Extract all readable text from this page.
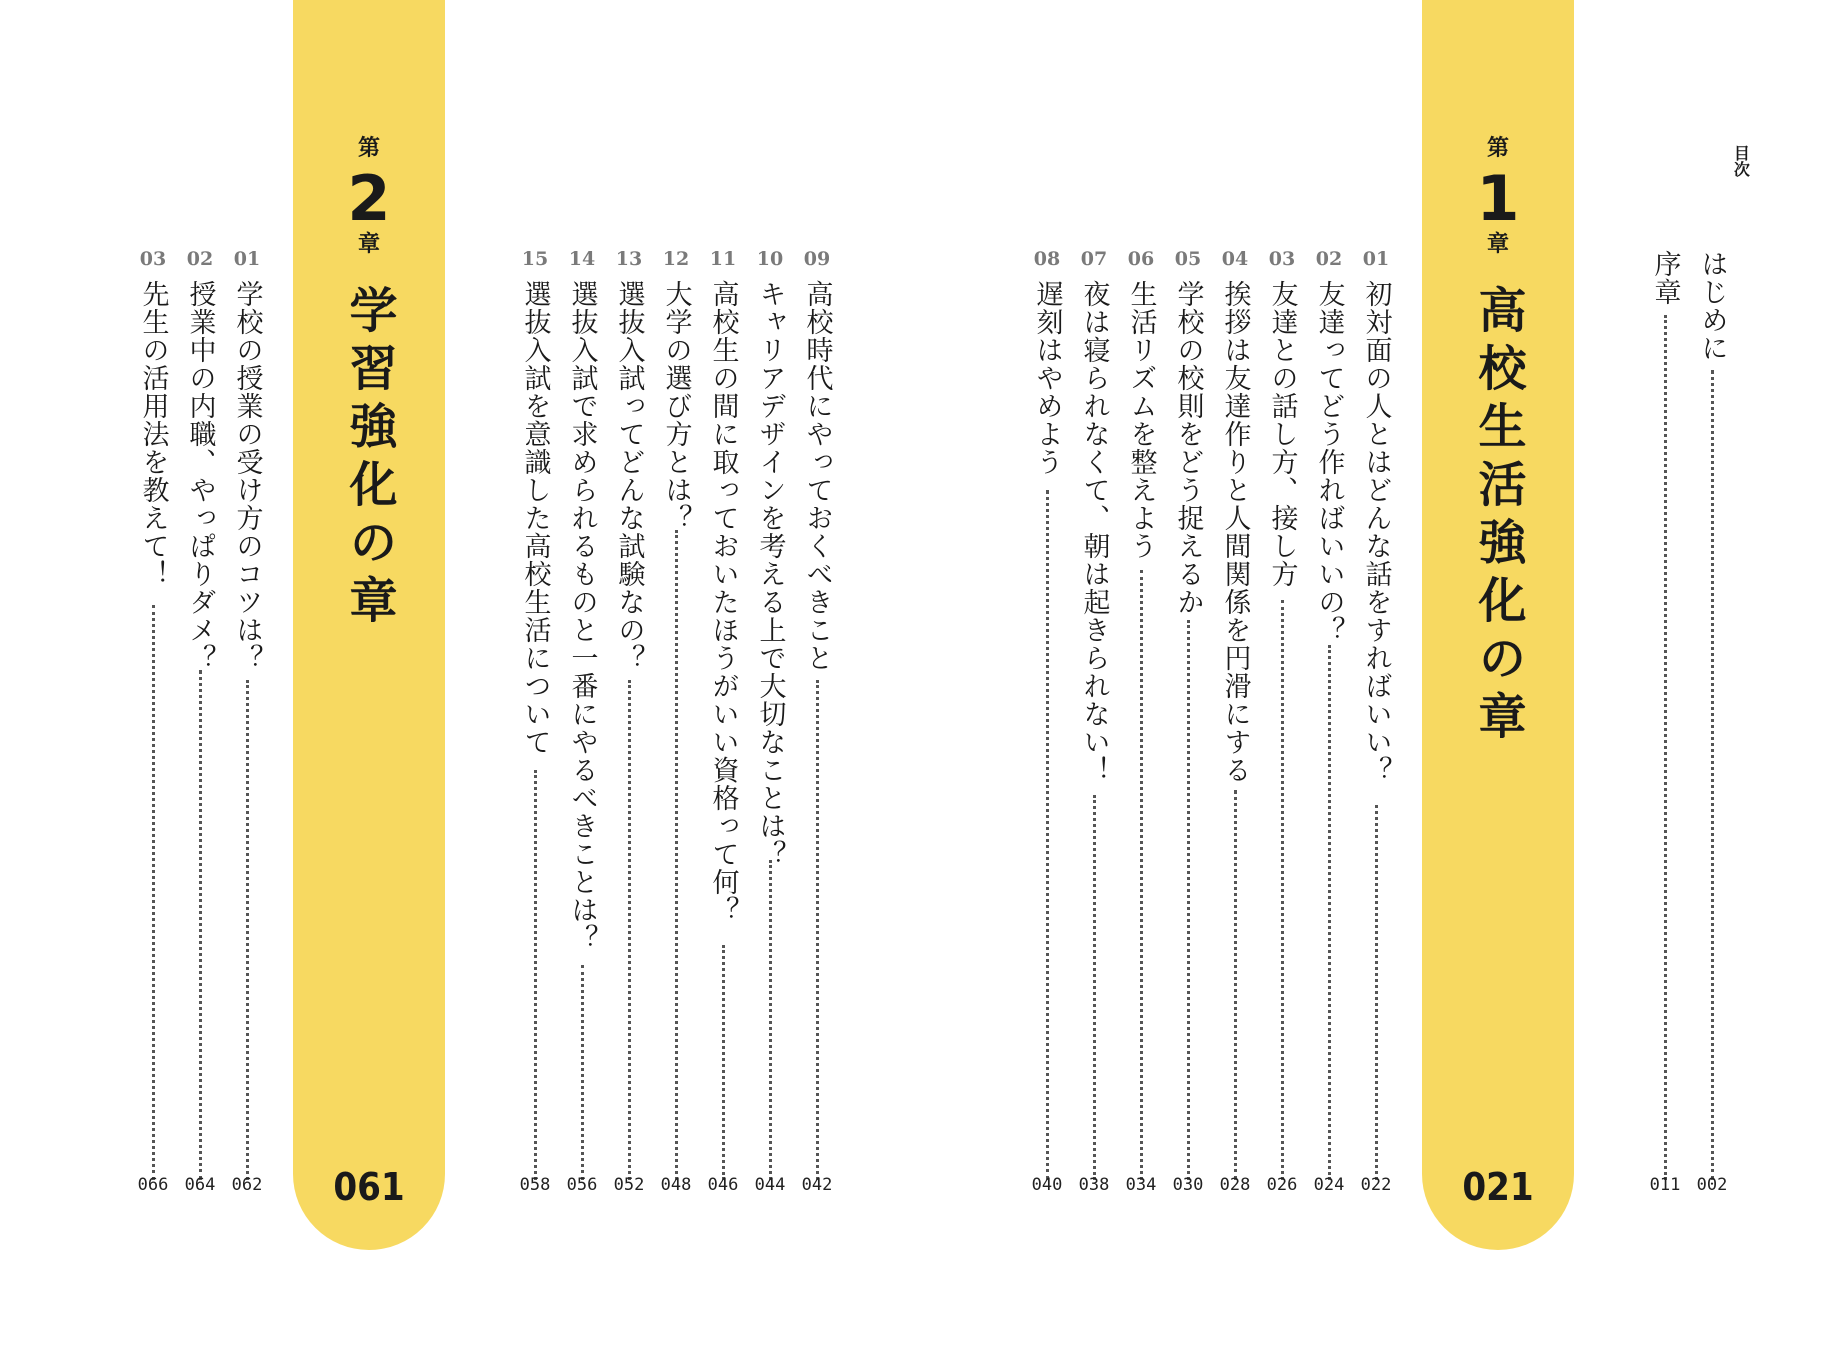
目次
はじめに
002
序章
011
第
1
章
高校生活強化の章
021
01
初対面の人とはどんな話をすればいい？
022
02
友達ってどう作ればいいの？
024
03
友達との話し方、接し方
026
04
挨拶は友達作りと人間関係を円滑にする
028
05
学校の校則をどう捉えるか
030
06
生活リズムを整えよう
034
07
夜は寝られなくて、朝は起きられない！
038
08
遅刻はやめよう
040
09
高校時代にやっておくべきこと
042
10
キャリアデザインを考える上で大切なことは？
044
11
高校生の間に取っておいたほうがいい資格って何？
046
12
大学の選び方とは？
048
13
選抜入試ってどんな試験なの？
052
14
選抜入試で求められるものと一番にやるべきことは？
056
15
選抜入試を意識した高校生活について
058
第
2
章
学習強化の章
061
01
学校の授業の受け方のコツは？
062
02
授業中の内職、やっぱりダメ？
064
03
先生の活用法を教えて！
066
